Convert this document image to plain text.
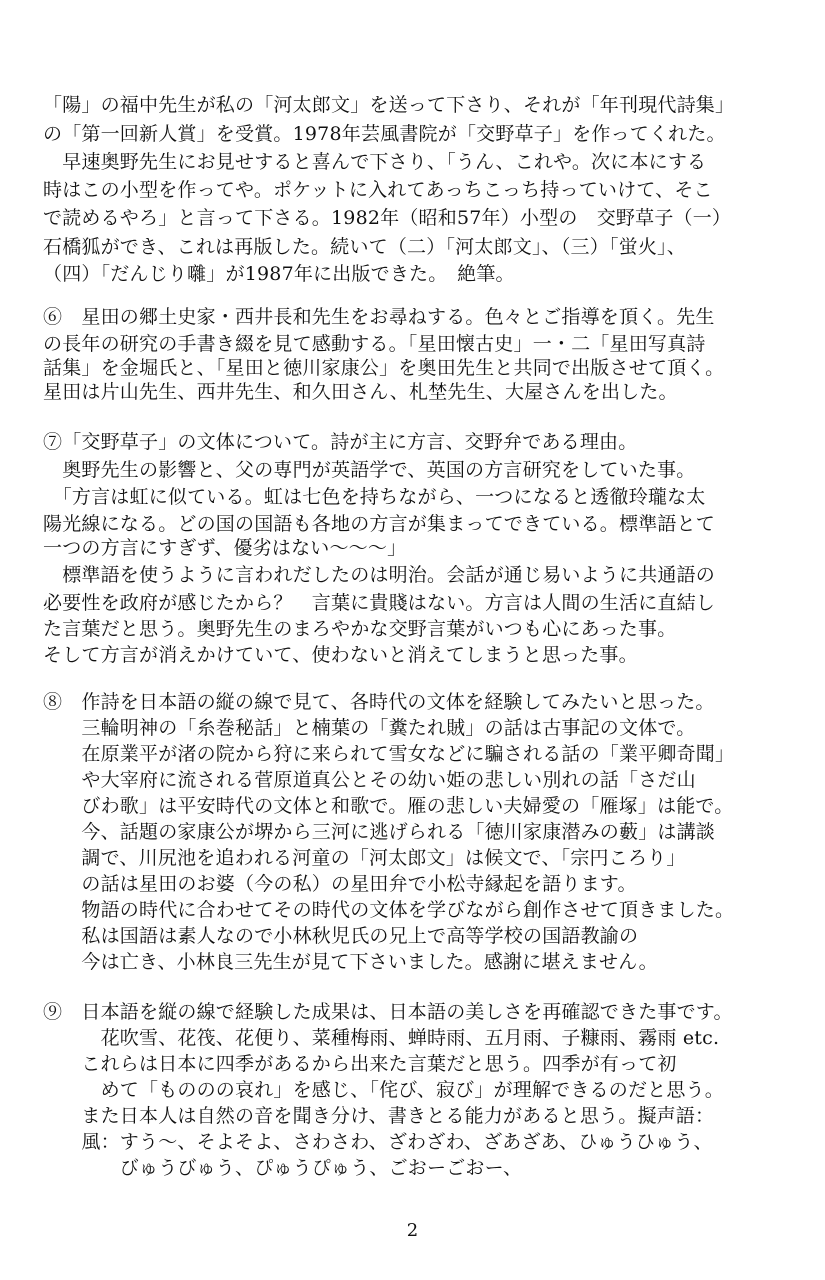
「陽」の福中先生が私の「河太郎文」を送って下さり、それが「年刊現代詩集」
の「第一回新人賞」を受賞。1978年芸風書院が「交野草子」を作ってくれた。
　早速奥野先生にお見せすると喜んで下さり、「うん、これや。次に本にする
時はこの小型を作ってや。ポケットに入れてあっちこっち持っていけて、そこ
で読めるやろ」と言って下さる。1982年（昭和57年）小型の　交野草子（一）
石橋狐ができ、これは再版した。続いて（二）「河太郎文」、（三）「蛍火」、
（四）「だんじり囃」が1987年に出版できた。　絶筆。
⑥　星田の郷土史家・西井長和先生をお尋ねする。色々とご指導を頂く。先生
の長年の研究の手書き綴を見て感動する。「星田懐古史」一・二「星田写真詩
話集」を金堀氏と、「星田と徳川家康公」を奥田先生と共同で出版させて頂く。
星田は片山先生、西井先生、和久田さん、札埜先生、大屋さんを出した。
⑦「交野草子」の文体について。詩が主に方言、交野弁である理由。
　奥野先生の影響と、父の専門が英語学で、英国の方言研究をしていた事。
　「方言は虹に似ている。虹は七色を持ちながら、一つになると透徹玲瓏な太
陽光線になる。どの国の国語も各地の方言が集まってできている。標準語とて
一つの方言にすぎず、優劣はない～～～」
　標準語を使うように言われだしたのは明治。会話が通じ易いように共通語の
必要性を政府が感じたから？　言葉に貴賤はない。方言は人間の生活に直結し
た言葉だと思う。奥野先生のまろやかな交野言葉がいつも心にあった事。
そして方言が消えかけていて、使わないと消えてしまうと思った事。
⑧　作詩を日本語の縦の線で見て、各時代の文体を経験してみたいと思った。
　　三輪明神の「糸巻秘話」と楠葉の「糞たれ賊」の話は古事記の文体で。
　　在原業平が渚の院から狩に来られて雪女などに騙される話の「業平卿奇聞」
　　や大宰府に流される菅原道真公とその幼い姫の悲しい別れの話「さだ山
　　びわ歌」は平安時代の文体と和歌で。雁の悲しい夫婦愛の「雁塚」は能で。
　　今、話題の家康公が堺から三河に逃げられる「徳川家康潜みの藪」は講談
　　調で、川尻池を追われる河童の「河太郎文」は候文で、「宗円ころり」
　　の話は星田のお婆（今の私）の星田弁で小松寺縁起を語ります。
　　物語の時代に合わせてその時代の文体を学びながら創作させて頂きました。
　　私は国語は素人なので小林秋児氏の兄上で高等学校の国語教諭の
　　今は亡き、小林良三先生が見て下さいました。感謝に堪えません。
⑨　日本語を縦の線で経験した成果は、日本語の美しさを再確認できた事です。
　　　花吹雪、花筏、花便り、菜種梅雨、蝉時雨、五月雨、子糠雨、霧雨 etc.
　　これらは日本に四季があるから出来た言葉だと思う。四季が有って初
　　　めて「もののの哀れ」を感じ、「侘び、寂び」が理解できるのだと思う。
　　また日本人は自然の音を聞き分け、書きとる能力があると思う。擬声語：
　　風：すう～、そよそよ、さわさわ、ざわざわ、ざあざあ、ひゅうひゅう、
　　　　びゅうびゅう、ぴゅうぴゅう、ごおーごおー、
2
